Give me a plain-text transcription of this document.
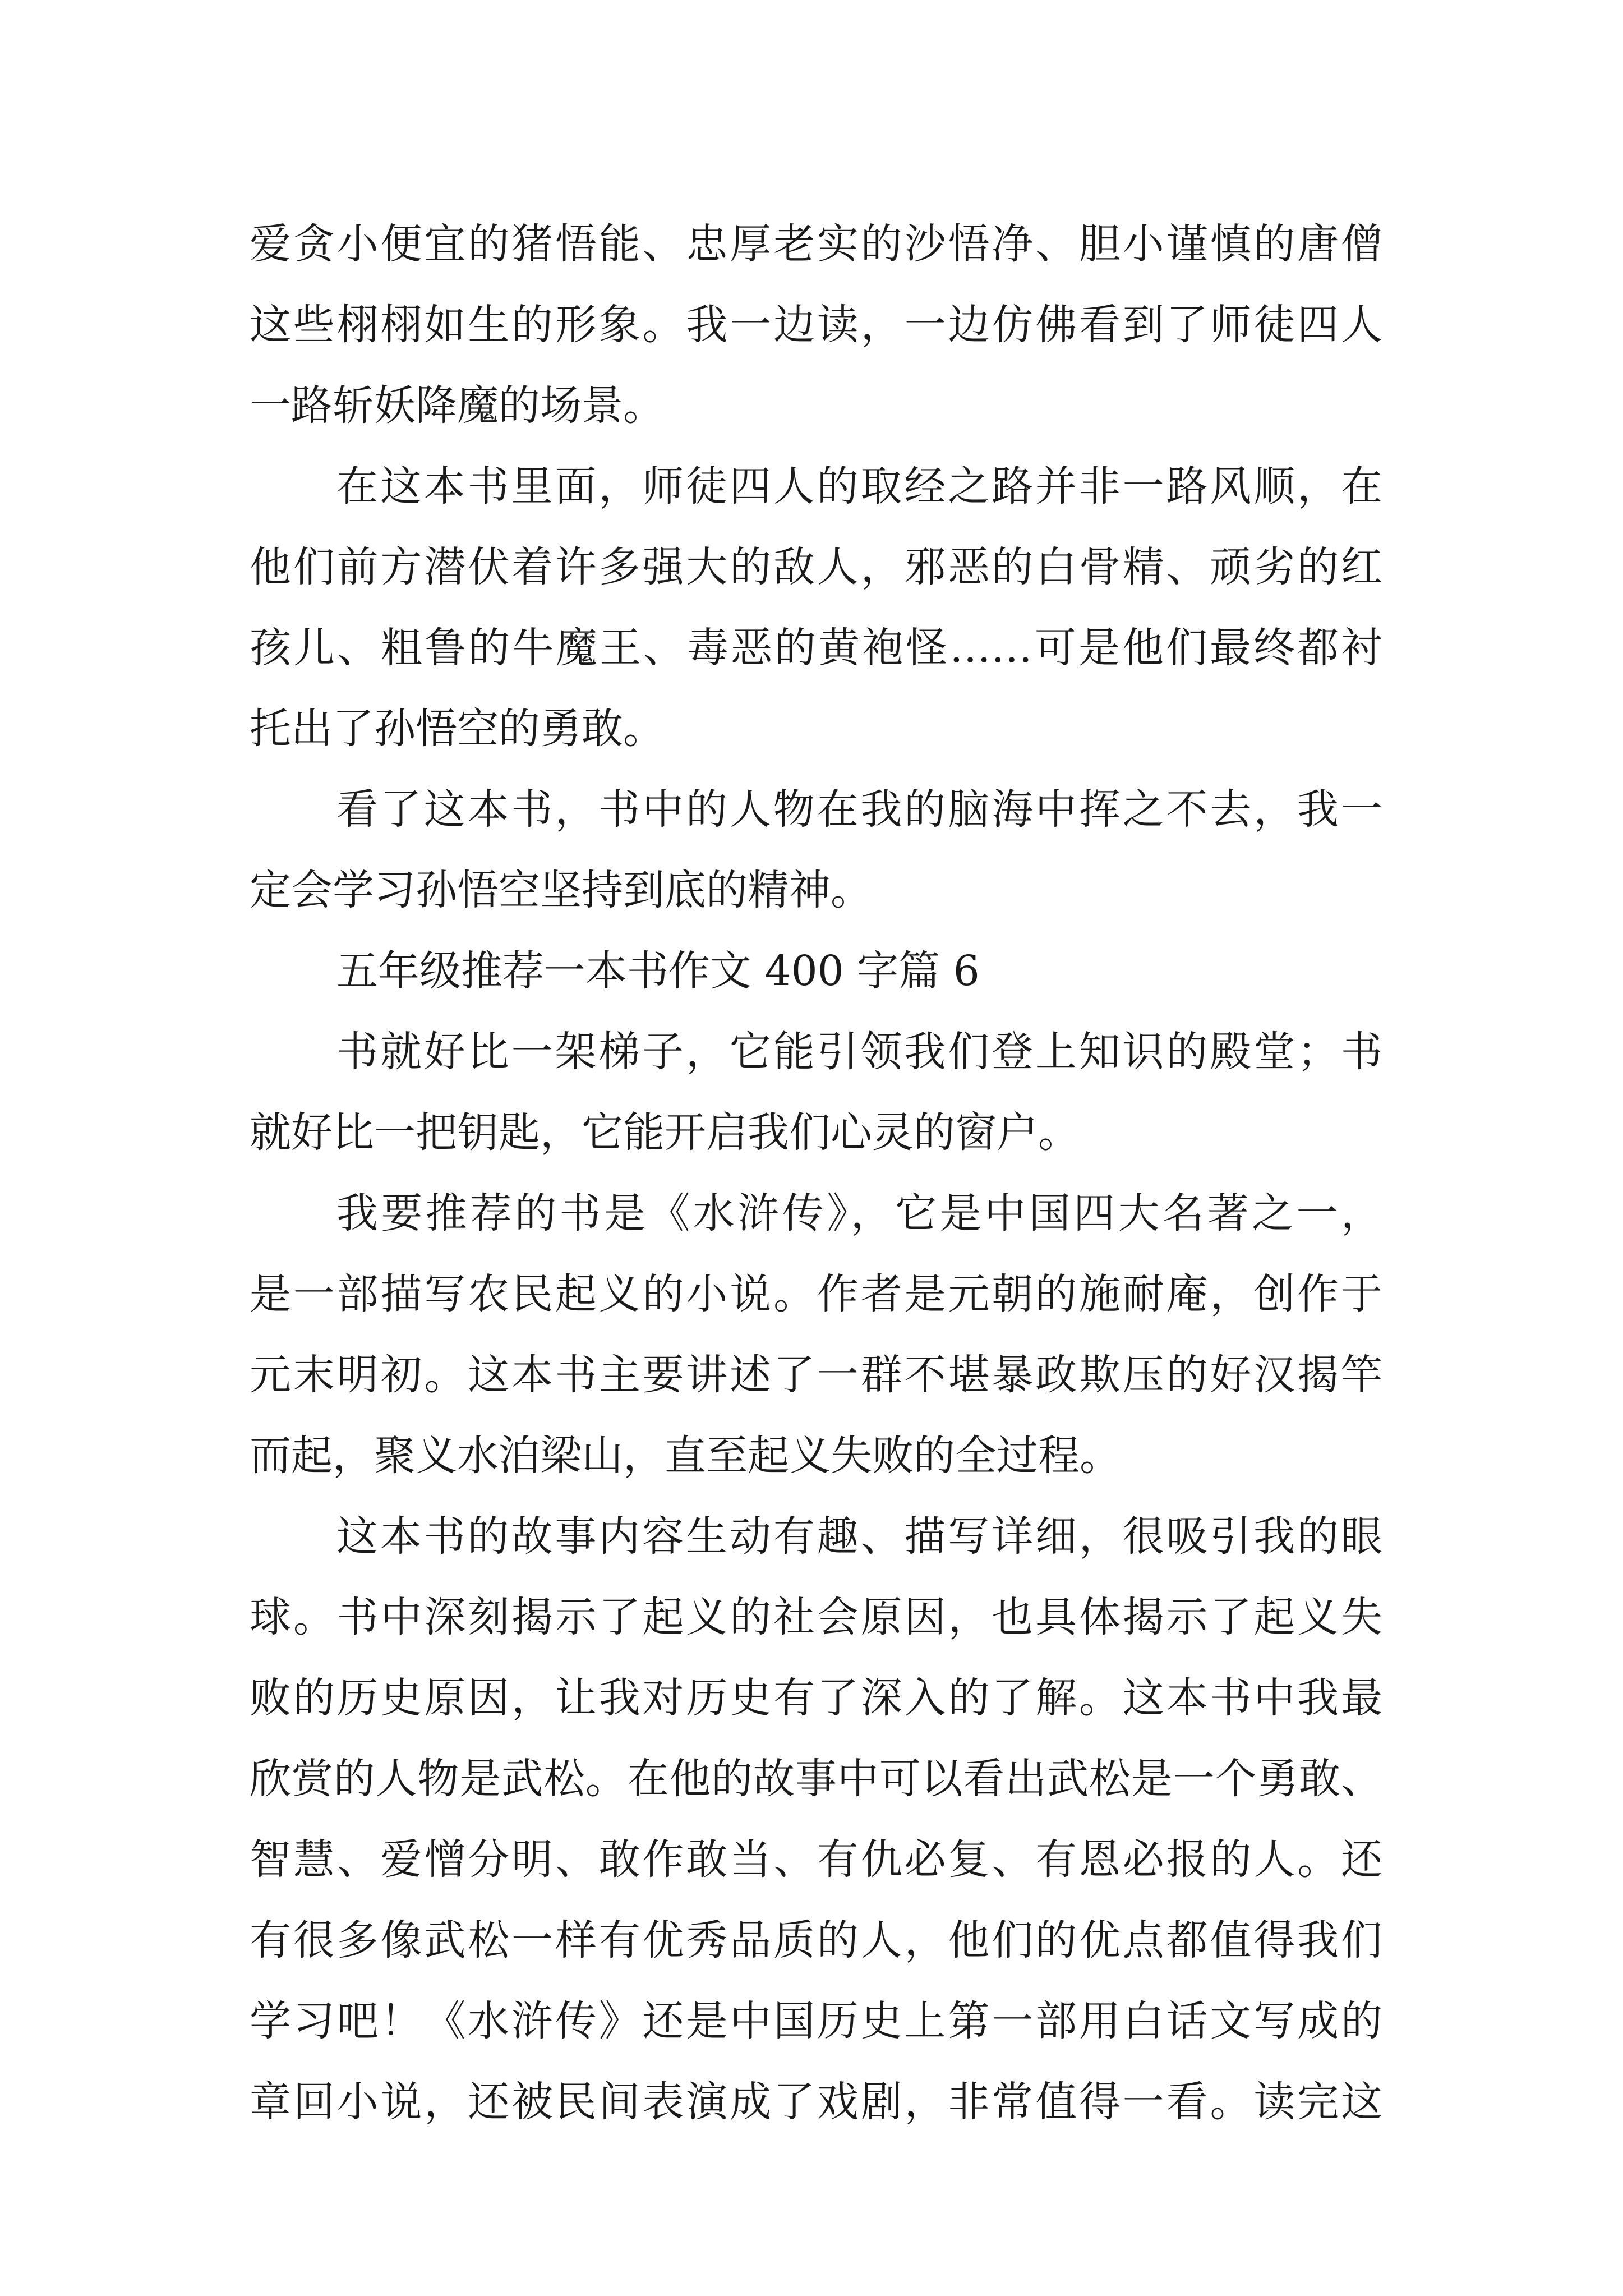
爱贪小便宜的猪悟能、忠厚老实的沙悟净、胆小谨慎的唐僧

这些栩栩如生的形象。我一边读，一边仿佛看到了师徒四人

一路斩妖降魔的场景。

在这本书里面，师徒四人的取经之路并非一路风顺，在

他们前方潜伏着许多强大的敌人，邪恶的白骨精、顽劣的红

孩儿、粗鲁的牛魔王、毒恶的黄袍怪……可是他们最终都衬

托出了孙悟空的勇敢。

看了这本书，书中的人物在我的脑海中挥之不去，我一

定会学习孙悟空坚持到底的精神。

五年级推荐一本书作文 400 字篇 6

书就好比一架梯子，它能引领我们登上知识的殿堂；书

就好比一把钥匙，它能开启我们心灵的窗户。

我要推荐的书是《水浒传》，它是中国四大名著之一，

是一部描写农民起义的小说。作者是元朝的施耐庵，创作于

元末明初。这本书主要讲述了一群不堪暴政欺压的好汉揭竿

而起，聚义水泊梁山，直至起义失败的全过程。

这本书的故事内容生动有趣、描写详细，很吸引我的眼

球。书中深刻揭示了起义的社会原因，也具体揭示了起义失

败的历史原因，让我对历史有了深入的了解。这本书中我最

欣赏的人物是武松。在他的故事中可以看出武松是一个勇敢、

智慧、爱憎分明、敢作敢当、有仇必复、有恩必报的人。还

有很多像武松一样有优秀品质的人，他们的优点都值得我们

学习吧！《水浒传》还是中国历史上第一部用白话文写成的

章回小说，还被民间表演成了戏剧，非常值得一看。读完这
